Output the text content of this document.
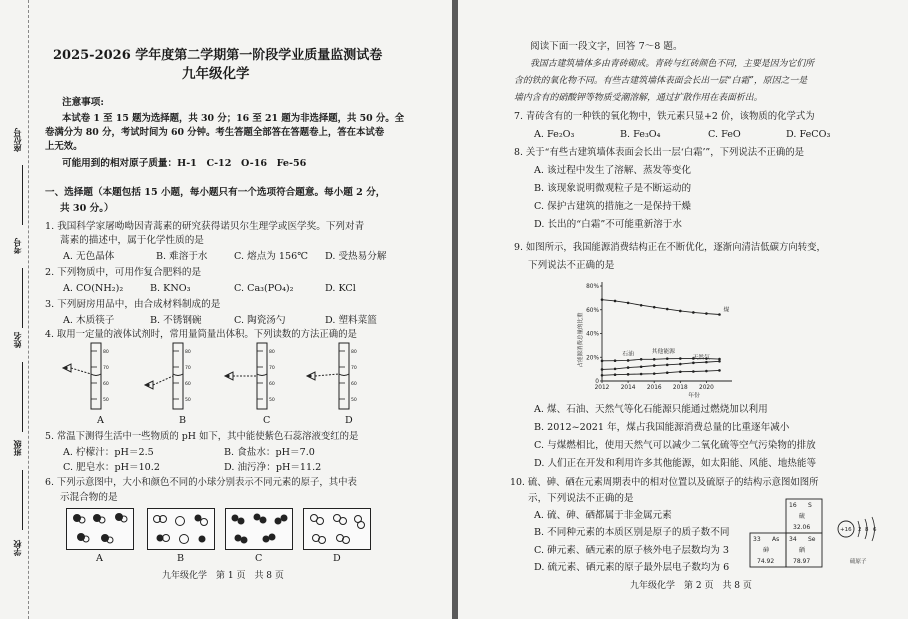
座位号
考号
姓名
班级
学校
2025-2026 学年度第二学期第一阶段学业质量监测试卷
九年级化学
注意事项:
本试卷 1 至 15 题为选择题，共 30 分；16 至 21 题为非选择题，共 50 分。全
卷满分为 80 分，考试时间为 60 分钟。考生答题全部答在答题卷上，答在本试卷
上无效。
可能用到的相对原子质量：H-1　C-12　O-16　Fe-56
一、选择题（本题包括 15 小题，每小题只有一个选项符合题意。每小题 2 分，
共 30 分。）
1. 我国科学家屠呦呦因青蒿素的研究获得诺贝尔生理学或医学奖。下列对青
蒿素的描述中，属于化学性质的是
A. 无色晶体	B. 难溶于水	C. 熔点为 156℃ D. 受热易分解
2. 下列物质中，可用作复合肥料的是
A. CO(NH₂)₂	B. KNO₃	C. Ca₃(PO₄)₂	D. KCl
3. 下列厨房用品中，由合成材料制成的是
A. 木质筷子	B. 不锈钢碗	C. 陶瓷汤勺	D. 塑料菜篮
4. 取用一定量的液体试剂时，常用量筒量出体积。下列读数的方法正确的是
80
70
60
50
80
70
60
50
80
70
60
50
80
70
60
50
A	B	C	D
5. 常温下测得生活中一些物质的 pH 如下，其中能使紫色石蕊溶液变红的是
A. 柠檬汁：pH＝2.5	B. 食盐水：pH＝7.0
C. 肥皂水：pH＝10.2	D. 油污净：pH＝11.2
6. 下列示意图中，大小和颜色不同的小球分别表示不同元素的原子，其中表
示混合物的是
A	B	C	D
九年级化学　第 1 页　共 8 页
阅读下面一段文字，回答 7～8 题。
我国古建筑墙体多由青砖砌成。青砖与红砖颜色不同，主要是因为它们所
含的铁的氧化物不同。有些古建筑墙体表面会长出一层“白霜”，原因之一是
墙内含有的硝酸钾等物质受潮溶解，通过扩散作用在表面析出。
7. 青砖含有的一种铁的氧化物中，铁元素只显+2 价，该物质的化学式为
A. Fe₂O₃	B. Fe₃O₄	C. FeO	D. FeCO₃
8. 关于“有些古建筑墙体表面会长出一层‘白霜’”，下列说法不正确的是
A. 该过程中发生了溶解、蒸发等变化
B. 该现象说明微观粒子是不断运动的
C. 保护古建筑的措施之一是保持干燥
D. 长出的“白霜”不可能重新溶于水
9. 如图所示，我国能源消费结构正在不断优化，逐渐向清洁低碳方向转变，
下列说法不正确的是
占能源消费总量的比重
年份
0
20%
40%
60%
80%
2012 2014 2016 2018 2020
煤
石油	其他能源
天然气
A. 煤、石油、天然气等化石能源只能通过燃烧加以利用
B. 2012~2021 年，煤占我国能源消费总量的比重逐年减小
C. 与煤燃相比，使用天然气可以减少二氧化硫等空气污染物的排放
D. 人们正在开发和利用许多其他能源，如太阳能、风能、地热能等
10. 硫、砷、硒在元素周期表中的相对位置以及硫原子的结构示意图如图所
示，下列说法不正确的是
A. 硫、砷、硒都属于非金属元素
B. 不同种元素的本质区别是原子的质子数不同
C. 砷元素、硒元素的原子核外电子层数均为 3
D. 硫元素、硒元素的原子最外层电子数均为 6
16 S
硫
32.06
33 As
砷
74.92
34 Se
硒
78.97
+16 2 8 6
硫原子
九年级化学　第 2 页　共 8 页
